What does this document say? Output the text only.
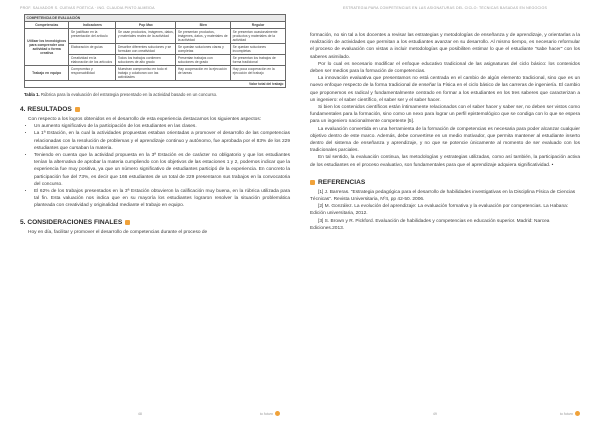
PROF. SALVADOR S. CUEVAS POÉTICA · ING. CLAUDIA PINTO ALMEIDA
COMPETENCIA DE EVALUACIÓN				
Competencias	Indicadores	Pop Max	Bien	Regular
Utilizar los tecnológicos para comprender una actividad o forma creativa	Se justifican en la presentación del artículo	Se usan productos, imágenes, datos, y materiales reales de la actividad	Se presentan productos, imágenes, datos, y materiales de la actividad	Se presentan ocasionalmente productos y materiales de la actividad
	Elaboración de guías	Describe diferentes soluciones y se formulan con creatividad	Se quedan soluciones claras y completas	Se quedan soluciones incompletas
	Creatividad en la elaboración de los artículos	Todos los trabajos contienen soluciones de alto grado	Presentan trabajos con soluciones de grado	Se presentan los trabajos de forma tradicional
Trabajo en equipo	Compromiso y responsabilidad	Muestran compromiso en todo el trabajo y colaboran con las actividades	Hay cooperación en la ejecución de tareas	Hay poca cooperación en la ejecución del trabajo
Valor total del trabajo				
Tabla 1. Rúbrica para la evaluación del estrategia presentado en la actividad basado en un concurso.
4. RESULTADOS

Con respecto a los logros obtenidos en el desarrollo de esta experiencia destacamos los siguientes aspectos:

• Un aumento significativo de la participación de los estudiantes en las clases.
• La 1ª Estación, en la cual la actividades propuestas estaban orientadas a promover el desarrollo de las competencias relacionadas con la resolución de problemas y el aprendizaje continuo y autónomo, fue aprobada por el 83% de los 229 estudiantes que cursaban la materia.
• Teniendo en cuenta que la actividad propuesta en la 3ª Estación es de carácter no obligatorio y que los estudiantes tenían la alternativa de aprobar la materia cumpliendo con los objetivos de las estaciones 1 y 2, podemos indicar que la experiencia fue muy positiva, ya que un número significativo de estudiantes participó de la experiencia. En concreto la participación fue del 73%, es decir que 166 estudiantes de un total de 229 presentaron sus trabajos en la convocatoria del concurso.
• El 62% de los trabajos presentados en la 3ª Estación obtuvieron la calificación muy buena, en la rúbrica utilizada para tal fin. Esta valuación nos indica que en su mayoría los estudiantes lograron resolver la situación problemática planteada con creatividad y originalidad mediante el trabajo en equipo.
5. CONSIDERACIONES FINALES

Hoy en día, facilitar y promover el desarrollo de competencias durante el proceso de

48	tu futuro
ESTRATEGIA PARA COMPETENCIAS EN LAS ASIGNATURAS DEL CICLO: TÉCNICAS BASADAS EN NEGOCIOS

formación, no sin tal a los docentes a revisar las estrategias y metodologías de enseñanza y de aprendizaje, y orientarlas a la realización de actividades que permitan a los estudiantes avanzar en su desarrollo. Al mismo tiempo, es necesario reformular el proceso de evaluación con vistas a incluir metodologías que posibiliten estimar lo que el estudiante "sabe hacer" con los saberes asimilado.

Por lo cual es necesario modificar el enfoque educativo tradicional de las asignaturas del ciclo básico: los contenidos deben ser medios para la formación de competencias.

La innovación evaluativa que presentamos no está centrada en el cambio de algún elemento tradicional, sino que es un nuevo enfoque respecto de la forma tradicional de enseñar la Física en el ciclo básico de las carreras de ingeniería. El cambio que proponemos es radical y fundamentalmente centrado en formar a los estudiantes en los tres saberes que caracterizan a un ingeniero: el saber científico, el saber ser y el saber hacer.

Si bien los contenidos científicos están íntimamente relacionados con el saber hacer y saber ser, no deben ser vistos como fundamentales para la formación, sino como un nexo para lograr un perfil epistemológico que se condiga con lo que se espera para un ingeniero nacionalmente competente [5].

La evaluación convertida en una herramienta de la formación de competencias es necesaria para poder alcanzar cualquier objetivo dentro de este marco. Además, debe convertirse en un medio motivador, que permita mantener al estudiante inserto dentro del sistema de enseñanza y aprendizaje, y no que se potencie únicamente al momento de ser evaluado con los tradicionales parciales.

En tal sentido, la evaluación continua, las metodologías y estrategias utilizadas, como así también, la participación activa de los estudiantes en el proceso evaluativo, son fundamentales para que el aprendizaje adquiera significatividad. •

REFERENCIAS
[1] J. Barreras. "Estrategia pedagógica para el desarrollo de habilidades investigativas en la Disciplina Física de Ciencias Técnicas". Revista Universitaria, Nº4, pp 42-50. 2006.
[2] M. González. La evolución del aprendizaje: La evaluación formativa y la evaluación por competencias. La Habana: Edición universitaria, 2012.
[3] S. Brown y R. Pickford. Evaluación de habilidades y competencias en educación superior. Madrid: Narcea Ediciones.2013.
49	tu futuro
